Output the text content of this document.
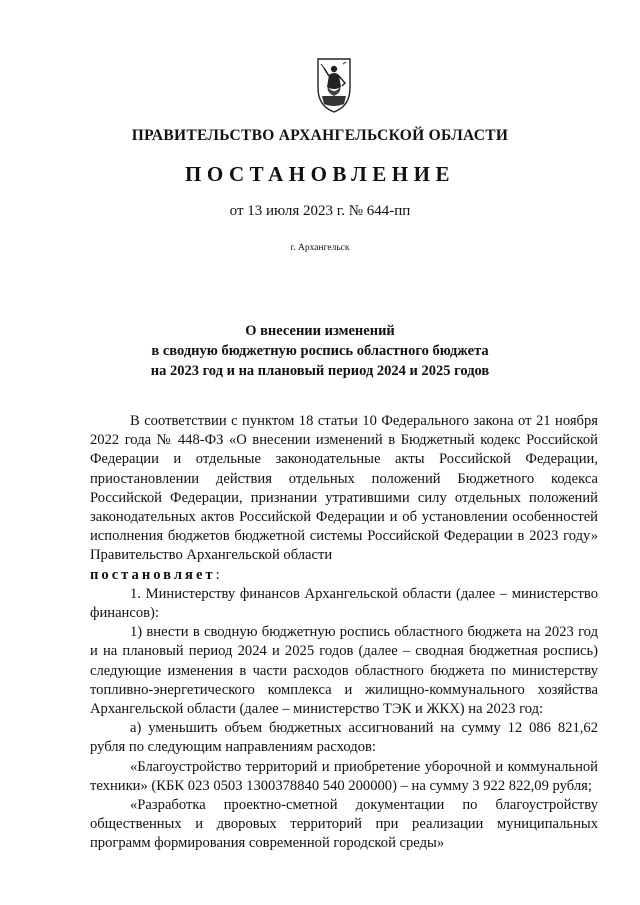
ПРАВИТЕЛЬСТВО АРХАНГЕЛЬСКОЙ ОБЛАСТИ
ПОСТАНОВЛЕНИЕ
от 13 июля 2023 г. № 644-пп
г. Архангельск
О внесении изменений
в сводную бюджетную роспись областного бюджета
на 2023 год и на плановый период 2024 и 2025 годов

В соответствии с пунктом 18 статьи 10 Федерального закона от 21 ноября 2022 года № 448-ФЗ «О внесении изменений в Бюджетный кодекс Российской Федерации и отдельные законодательные акты Российской Федерации, приостановлении действия отдельных положений Бюджетного кодекса Российской Федерации, признании утратившими силу отдельных положений законодательных актов Российской Федерации и об установлении особенностей исполнения бюджетов бюджетной системы Российской Федерации в 2023 году» Правительство Архангельской области

постановляет:

1. Министерству финансов Архангельской области (далее – министерство финансов):

1) внести в сводную бюджетную роспись областного бюджета на 2023 год и на плановый период 2024 и 2025 годов (далее – сводная бюджетная роспись) следующие изменения в части расходов областного бюджета по министерству топливно-энергетического комплекса и жилищно-коммунального хозяйства Архангельской области (далее – министерство ТЭК и ЖКХ) на 2023 год:

а) уменьшить объем бюджетных ассигнований на сумму 12 086 821,62 рубля по следующим направлениям расходов:

«Благоустройство территорий и приобретение уборочной и коммунальной техники» (КБК 023 0503 1300378840 540 200000) – на сумму 3 922 822,09 рубля;

«Разработка проектно-сметной документации по благоустройству общественных и дворовых территорий при реализации муниципальных программ формирования современной городской среды»
